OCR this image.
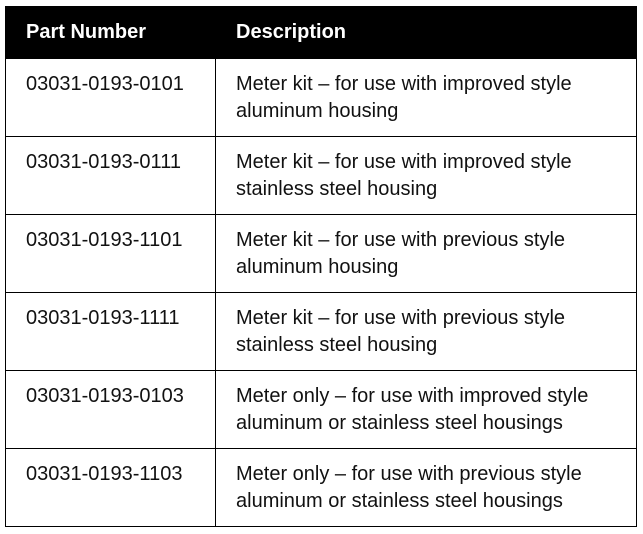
Part Number	Description
03031-0193-0101	Meter kit – for use with improved style
aluminum housing
03031-0193-0111	Meter kit – for use with improved style
stainless steel housing
03031-0193-1101	Meter kit – for use with previous style
aluminum housing
03031-0193-1111	Meter kit – for use with previous style
stainless steel housing
03031-0193-0103	Meter only – for use with improved style
aluminum or stainless steel housings
03031-0193-1103	Meter only – for use with previous style
aluminum or stainless steel housings
